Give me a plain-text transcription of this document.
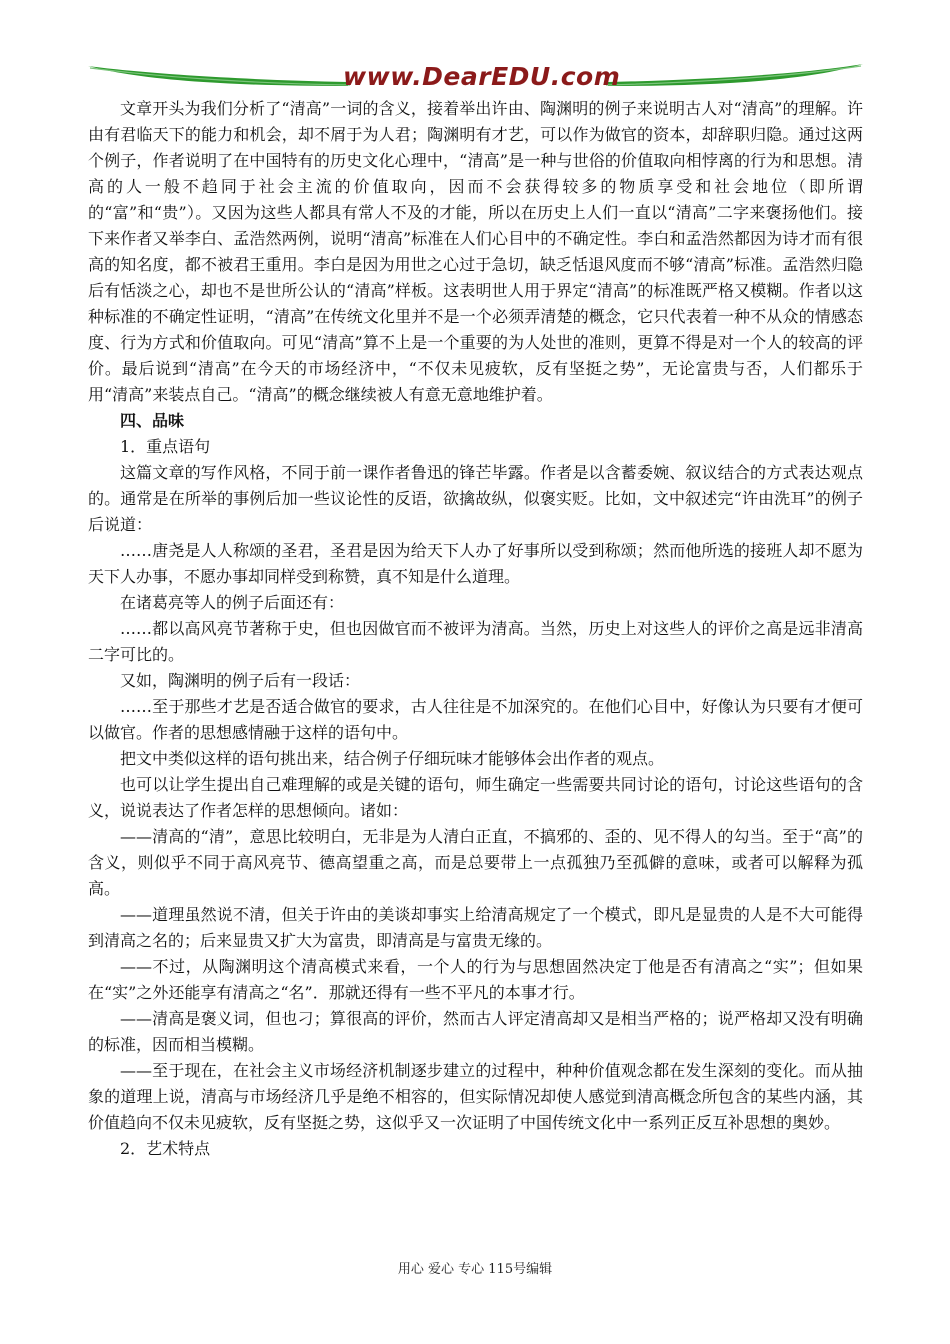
www.DearEDU.com

文章开头为我们分析了“清高”一词的含义，接着举出许由、陶渊明的例子来说明古人对“清高”的理解。许由有君临天下的能力和机会，却不屑于为人君；陶渊明有才艺，可以作为做官的资本，却辞职归隐。通过这两个例子，作者说明了在中国特有的历史文化心理中，“清高”是一种与世俗的价值取向相悖离的行为和思想。清高的人一般不趋同于社会主流的价值取向，因而不会获得较多的物质享受和社会地位（即所谓的“富”和“贵”）。又因为这些人都具有常人不及的才能，所以在历史上人们一直以“清高”二字来褒扬他们。接下来作者又举李白、孟浩然两例，说明“清高”标准在人们心目中的不确定性。李白和孟浩然都因为诗才而有很高的知名度，都不被君王重用。李白是因为用世之心过于急切，缺乏恬退风度而不够“清高”标准。孟浩然归隐后有恬淡之心，却也不是世所公认的“清高”样板。这表明世人用于界定“清高”的标准既严格又模糊。作者以这种标准的不确定性证明，“清高”在传统文化里并不是一个必须弄清楚的概念，它只代表着一种不从众的情感态度、行为方式和价值取向。可见“清高”算不上是一个重要的为人处世的准则，更算不得是对一个人的较高的评价。最后说到“清高”在今天的市场经济中，“不仅未见疲软，反有坚挺之势”，无论富贵与否，人们都乐于用“清高”来装点自己。“清高”的概念继续被人有意无意地维护着。

四、品味

1．重点语句

这篇文章的写作风格，不同于前一课作者鲁迅的锋芒毕露。作者是以含蓄委婉、叙议结合的方式表达观点的。通常是在所举的事例后加一些议论性的反语，欲擒故纵，似褒实贬。比如，文中叙述完“许由洗耳”的例子后说道：

……唐尧是人人称颂的圣君，圣君是因为给天下人办了好事所以受到称颂；然而他所选的接班人却不愿为天下人办事，不愿办事却同样受到称赞，真不知是什么道理。

在诸葛亮等人的例子后面还有：

……都以高风亮节著称于史，但也因做官而不被评为清高。当然，历史上对这些人的评价之高是远非清高二字可比的。

又如，陶渊明的例子后有一段话：

……至于那些才艺是否适合做官的要求，古人往往是不加深究的。在他们心目中，好像认为只要有才便可以做官。作者的思想感情融于这样的语句中。

把文中类似这样的语句挑出来，结合例子仔细玩味才能够体会出作者的观点。

也可以让学生提出自己难理解的或是关键的语句，师生确定一些需要共同讨论的语句，讨论这些语句的含义，说说表达了作者怎样的思想倾向。诸如：

——清高的“清”，意思比较明白，无非是为人清白正直，不搞邪的、歪的、见不得人的勾当。至于“高”的含义，则似乎不同于高风亮节、德高望重之高，而是总要带上一点孤独乃至孤僻的意味，或者可以解释为孤高。

——道理虽然说不清，但关于许由的美谈却事实上给清高规定了一个模式，即凡是显贵的人是不大可能得到清高之名的；后来显贵又扩大为富贵，即清高是与富贵无缘的。

——不过，从陶渊明这个清高模式来看，一个人的行为与思想固然决定丁他是否有清高之“实”；但如果在“实”之外还能享有清高之“名”．那就还得有一些不平凡的本事才行。

——清高是褒义词，但也刁；算很高的评价，然而古人评定清高却又是相当严格的；说严格却又没有明确的标准，因而相当模糊。

——至于现在，在社会主义市场经济机制逐步建立的过程中，种种价值观念都在发生深刻的变化。而从抽象的道理上说，清高与市场经济几乎是绝不相容的，但实际情况却使人感觉到清高概念所包含的某些内涵，其价值趋向不仅未见疲软，反有坚挺之势，这似乎又一次证明了中国传统文化中一系列正反互补思想的奥妙。

2．艺术特点

用心 爱心 专心 115号编辑
